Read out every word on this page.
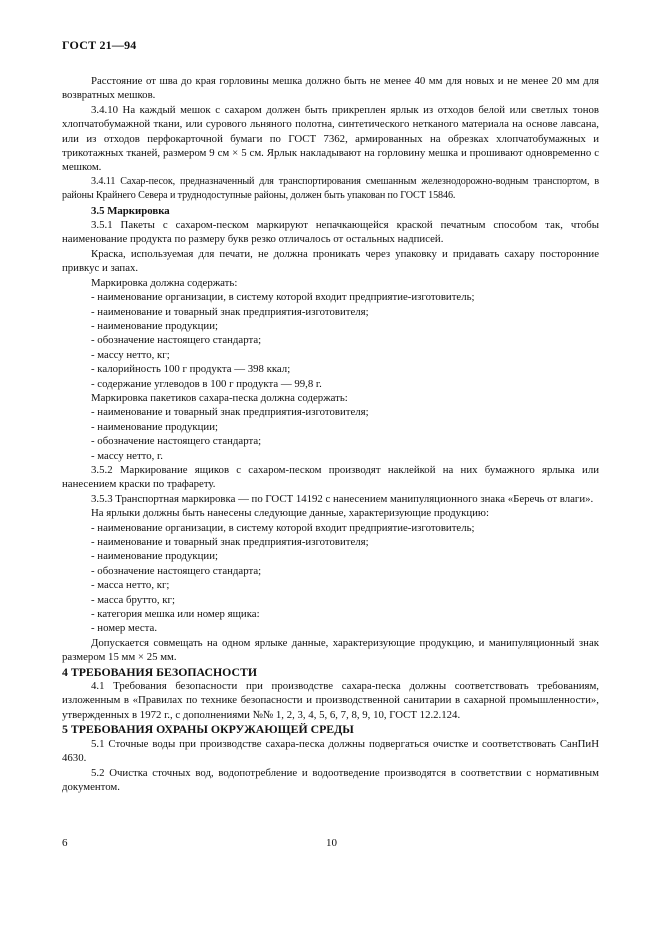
ГОСТ 21—94

Расстояние от шва до края горловины мешка должно быть не менее 40 мм для новых и не менее 20 мм для возвратных мешков.

3.4.10 На каждый мешок с сахаром должен быть прикреплен ярлык из отходов белой или светлых тонов хлопчатобумажной ткани, или сурового льняного полотна, синтетического нетканого материала на основе лавсана, или из отходов перфокарточной бумаги по ГОСТ 7362, армированных на обрезках хлопчатобумажных и трикотажных тканей, размером 9 см × 5 см. Ярлык накладывают на горловину мешка и прошивают одновременно с мешком.

3.4.11 Сахар-песок, предназначенный для транспортирования смешанным железнодорожно-водным транспортом, в районы Крайнего Севера и труднодоступные районы, должен быть упакован по ГОСТ 15846.

3.5 Маркировка

3.5.1 Пакеты с сахаром-песком маркируют непачкающейся краской печатным способом так, чтобы наименование продукта по размеру букв резко отличалось от остальных надписей.

Краска, используемая для печати, не должна проникать через упаковку и придавать сахару посторонние привкус и запах.

Маркировка должна содержать:

- наименование организации, в систему которой входит предприятие-изготовитель;

- наименование и товарный знак предприятия-изготовителя;

- наименование продукции;

- обозначение настоящего стандарта;

- массу нетто, кг;

- калорийность 100 г продукта — 398 ккал;

- содержание углеводов в 100 г продукта — 99,8 г.

Маркировка пакетиков сахара-песка должна содержать:

- наименование и товарный знак предприятия-изготовителя;

- наименование продукции;

- обозначение настоящего стандарта;

- массу нетто, г.

3.5.2 Маркирование ящиков с сахаром-песком производят наклейкой на них бумажного ярлыка или нанесением краски по трафарету.

3.5.3 Транспортная маркировка — по ГОСТ 14192 с нанесением манипуляционного знака «Беречь от влаги».

На ярлыки должны быть нанесены следующие данные, характеризующие продукцию:

- наименование организации, в систему которой входит предприятие-изготовитель;

- наименование и товарный знак предприятия-изготовителя;

- наименование продукции;

- обозначение настоящего стандарта;

- масса нетто, кг;

- масса брутто, кг;

- категория мешка или номер ящика:

- номер места.

Допускается совмещать на одном ярлыке данные, характеризующие продукцию, и манипуляционный знак размером 15 мм × 25 мм.

4 ТРЕБОВАНИЯ БЕЗОПАСНОСТИ

4.1 Требования безопасности при производстве сахара-песка должны соответствовать требованиям, изложенным в «Правилах по технике безопасности и производственной санитарии в сахарной промышленности», утвержденных в 1972 г., с дополнениями №№ 1, 2, 3, 4, 5, 6, 7, 8, 9, 10, ГОСТ 12.2.124.

5 ТРЕБОВАНИЯ ОХРАНЫ ОКРУЖАЮЩЕЙ СРЕДЫ

5.1 Сточные воды при производстве сахара-песка должны подвергаться очистке и соответствовать СанПиН 4630.

5.2 Очистка сточных вод, водопотребление и водоотведение производятся в соответствии с нормативным документом.

6	10
